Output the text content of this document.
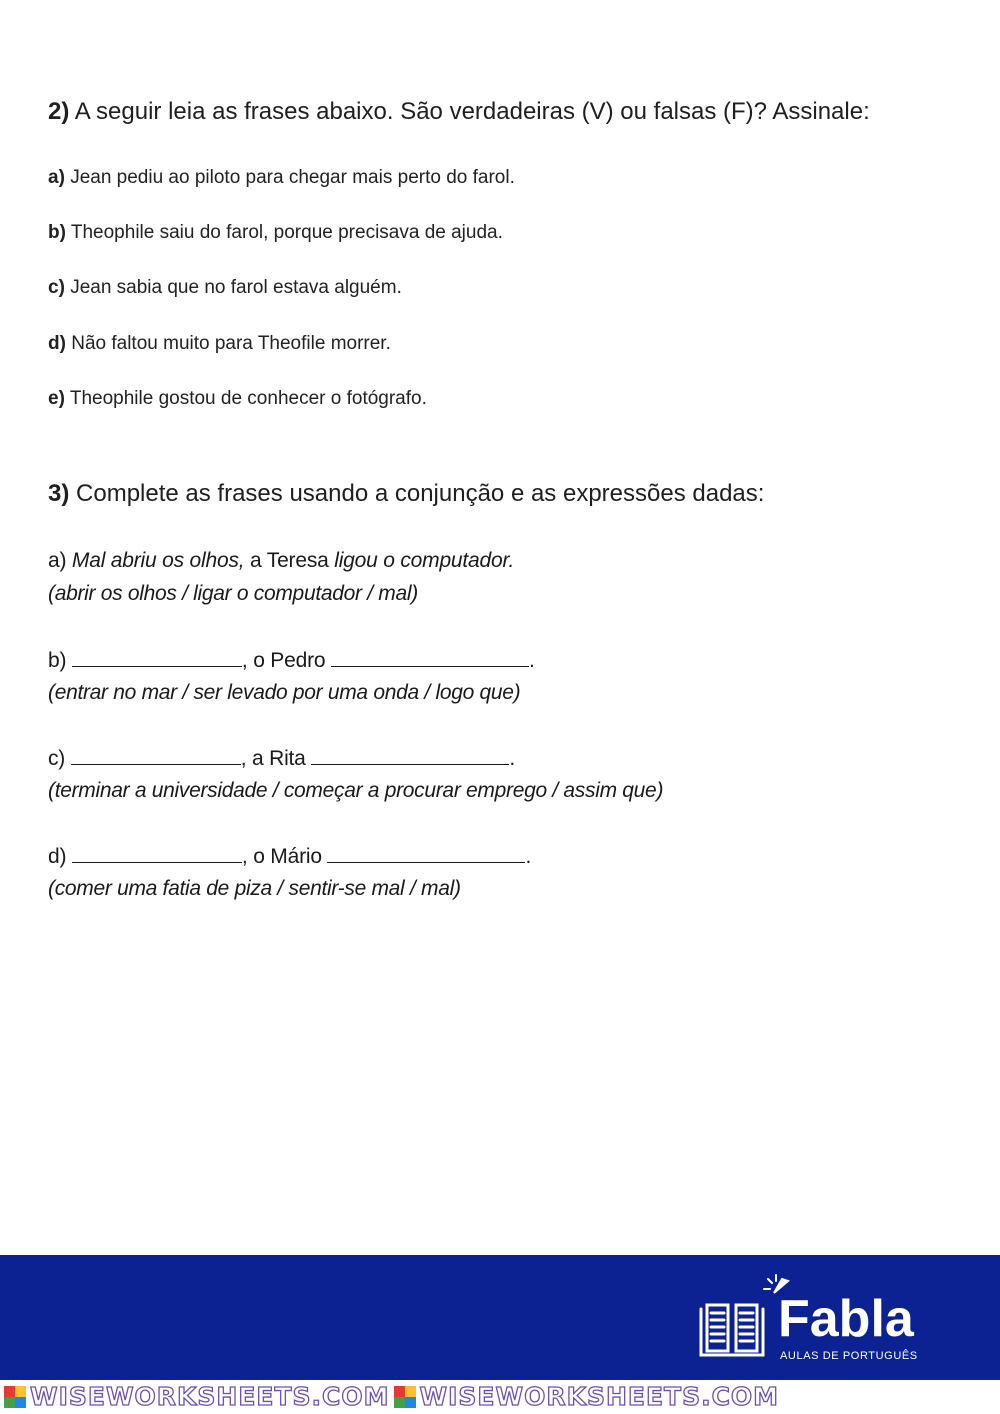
2) A seguir leia as frases abaixo. São verdadeiras (V) ou falsas (F)? Assinale:
a) Jean pediu ao piloto para chegar mais perto do farol.
b) Theophile saiu do farol, porque precisava de ajuda.
c) Jean sabia que no farol estava alguém.
d) Não faltou muito para Theofile morrer.
e) Theophile gostou de conhecer o fotógrafo.
3) Complete as frases usando a conjunção e as expressões dadas:
a) Mal abriu os olhos, a Teresa ligou o computador.
(abrir os olhos / ligar o computador / mal)
b)	, o Pedro	.
(entrar no mar / ser levado por uma onda / logo que)
c)	, a Rita	.
(terminar a universidade / começar a procurar emprego / assim que)
d)	, o Mário	.
(comer uma fatia de piza / sentir-se mal / mal)
Fabla
AULAS DE PORTUGUÊS
WISEWORKSHEETS.COM WISEWORKSHEETS.COM
